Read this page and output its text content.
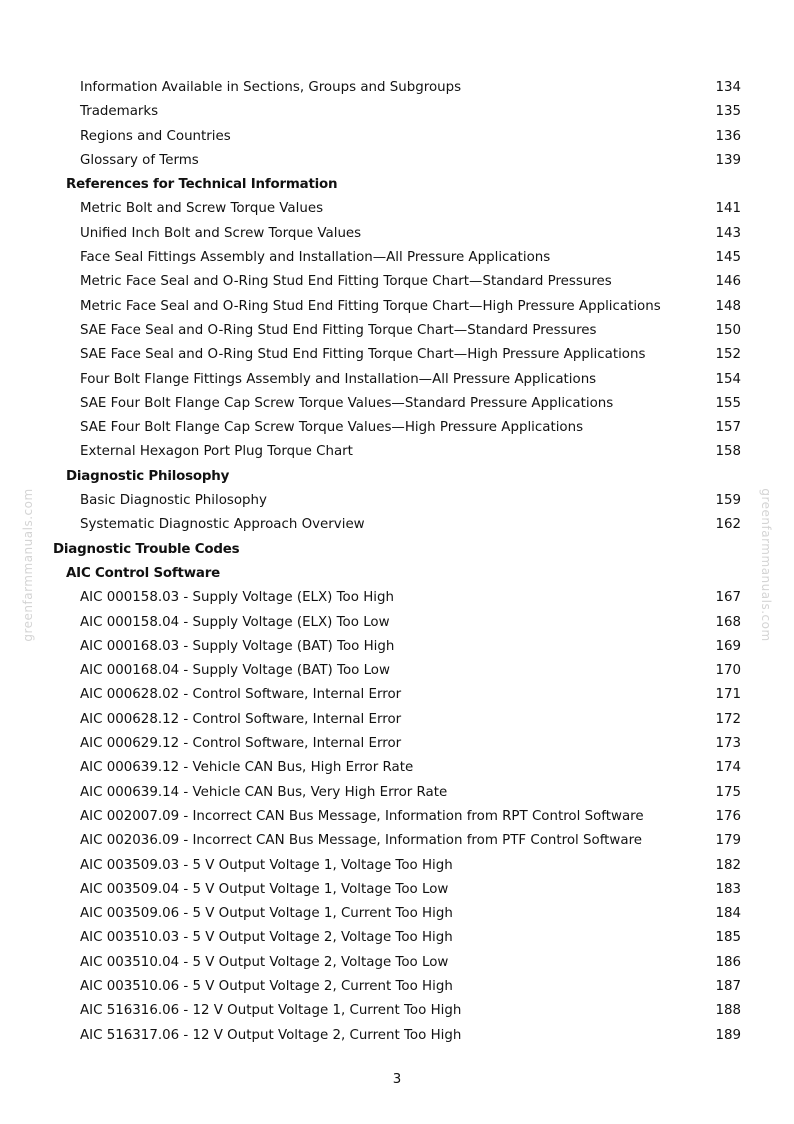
greenfarmmanuals.com	greenfarmmanuals.com
Information Available in Sections, Groups and Subgroups	134
Trademarks	135
Regions and Countries	136
Glossary of Terms	139
References for Technical Information
Metric Bolt and Screw Torque Values	141
Unified Inch Bolt and Screw Torque Values	143
Face Seal Fittings Assembly and Installation—All Pressure Applications	145
Metric Face Seal and O-Ring Stud End Fitting Torque Chart—Standard Pressures	146
Metric Face Seal and O-Ring Stud End Fitting Torque Chart—High Pressure Applications	148
SAE Face Seal and O-Ring Stud End Fitting Torque Chart—Standard Pressures	150
SAE Face Seal and O-Ring Stud End Fitting Torque Chart—High Pressure Applications	152
Four Bolt Flange Fittings Assembly and Installation—All Pressure Applications	154
SAE Four Bolt Flange Cap Screw Torque Values—Standard Pressure Applications	155
SAE Four Bolt Flange Cap Screw Torque Values—High Pressure Applications	157
External Hexagon Port Plug Torque Chart	158
Diagnostic Philosophy
Basic Diagnostic Philosophy	159
Systematic Diagnostic Approach Overview	162
Diagnostic Trouble Codes
AIC Control Software
AIC 000158.03 - Supply Voltage (ELX) Too High	167
AIC 000158.04 - Supply Voltage (ELX) Too Low	168
AIC 000168.03 - Supply Voltage (BAT) Too High	169
AIC 000168.04 - Supply Voltage (BAT) Too Low	170
AIC 000628.02 - Control Software, Internal Error	171
AIC 000628.12 - Control Software, Internal Error	172
AIC 000629.12 - Control Software, Internal Error	173
AIC 000639.12 - Vehicle CAN Bus, High Error Rate	174
AIC 000639.14 - Vehicle CAN Bus, Very High Error Rate	175
AIC 002007.09 - Incorrect CAN Bus Message, Information from RPT Control Software	176
AIC 002036.09 - Incorrect CAN Bus Message, Information from PTF Control Software	179
AIC 003509.03 - 5 V Output Voltage 1, Voltage Too High	182
AIC 003509.04 - 5 V Output Voltage 1, Voltage Too Low	183
AIC 003509.06 - 5 V Output Voltage 1, Current Too High	184
AIC 003510.03 - 5 V Output Voltage 2, Voltage Too High	185
AIC 003510.04 - 5 V Output Voltage 2, Voltage Too Low	186
AIC 003510.06 - 5 V Output Voltage 2, Current Too High	187
AIC 516316.06 - 12 V Output Voltage 1, Current Too High	188
AIC 516317.06 - 12 V Output Voltage 2, Current Too High	189
3
